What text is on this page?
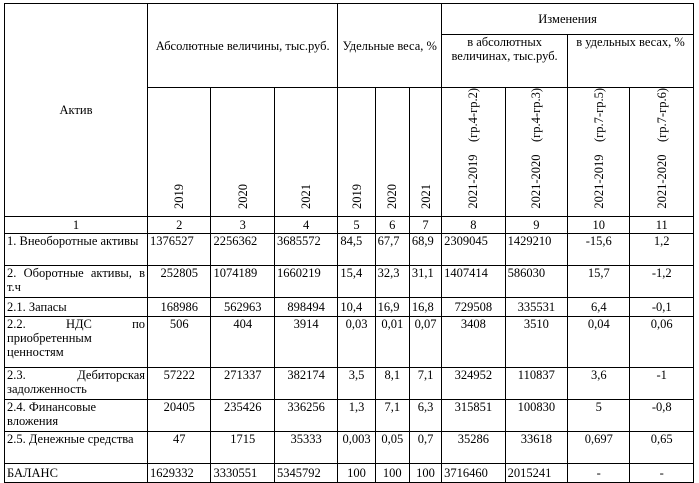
Актив	Абсолютные величины, тыс.руб.			Удельные веса, %			Изменения			
							в абсолютных величинах, тыс.руб.		в удельных весах, %	
	2019	2020	2021	2019	2020	2021	2021-2019    (гр.4-гр.2)	2021-2020    (гр.4-гр.3)	2021-2019    (гр.7-гр.5)	2021-2020    (гр.7-гр.6)
1	2	3	4	5	6	7	8	9	10	11
1. Внеоборотные активы	1376527	2256362	3685572	84,5	67,7	68,9	2309045	1429210	-15,6	1,2
2. Оборотные активы, в т.ч	252805	1074189	1660219	15,4	32,3	31,1	1407414	586030	15,7	-1,2
2.1. Запасы	168986	562963	898494	10,4	16,9	16,8	729508	335531	6,4	-0,1
2.2. НДС по приобретенным ценностям	506	404	3914	0,03	0,01	0,07	3408	3510	0,04	0,06
2.3. Дебиторская задолженность	57222	271337	382174	3,5	8,1	7,1	324952	110837	3,6	-1
2.4. Финансовые вложения	20405	235426	336256	1,3	7,1	6,3	315851	100830	5	-0,8
2.5. Денежные средства	47	1715	35333	0,003	0,05	0,7	35286	33618	0,697	0,65
БАЛАНС	1629332	3330551	5345792	100	100	100	3716460	2015241	-	-
